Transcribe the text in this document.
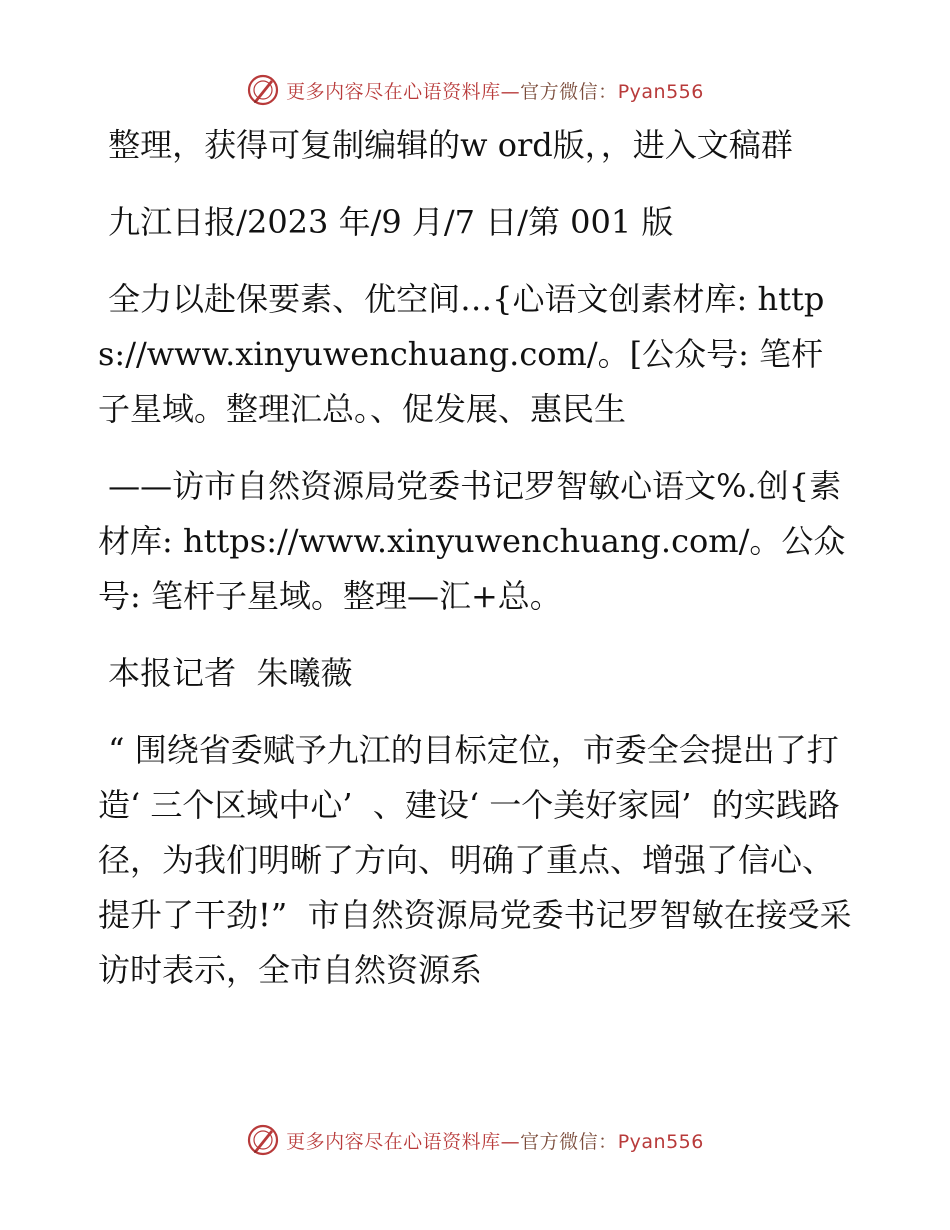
更多内容尽在心语资料库—官方微信：Pyan556

整理，获得可复制编辑的w ord版，，进入文稿群

九江日报/2023 年/9 月/7 日/第 001 版

全力以赴保要素、优空间…{心语文创素材库: https://www.xinyuwenchuang.com/。[公众号: 笔杆子星域。整理汇总。、促发展、惠民生

——访市自然资源局党委书记罗智敏心语文%.创{素材库: https://www.xinyuwenchuang.com/。公众号: 笔杆子星域。整理—汇+总。

本报记者  朱曦薇

“ 围绕省委赋予九江的目标定位，市委全会提出了打造‘ 三个区域中心’  、建设‘ 一个美好家园’  的实践路径，为我们明晰了方向、明确了重点、增强了信心、提升了干劲!”  市自然资源局党委书记罗智敏在接受采访时表示，全市自然资源系

更多内容尽在心语资料库—官方微信：Pyan556
